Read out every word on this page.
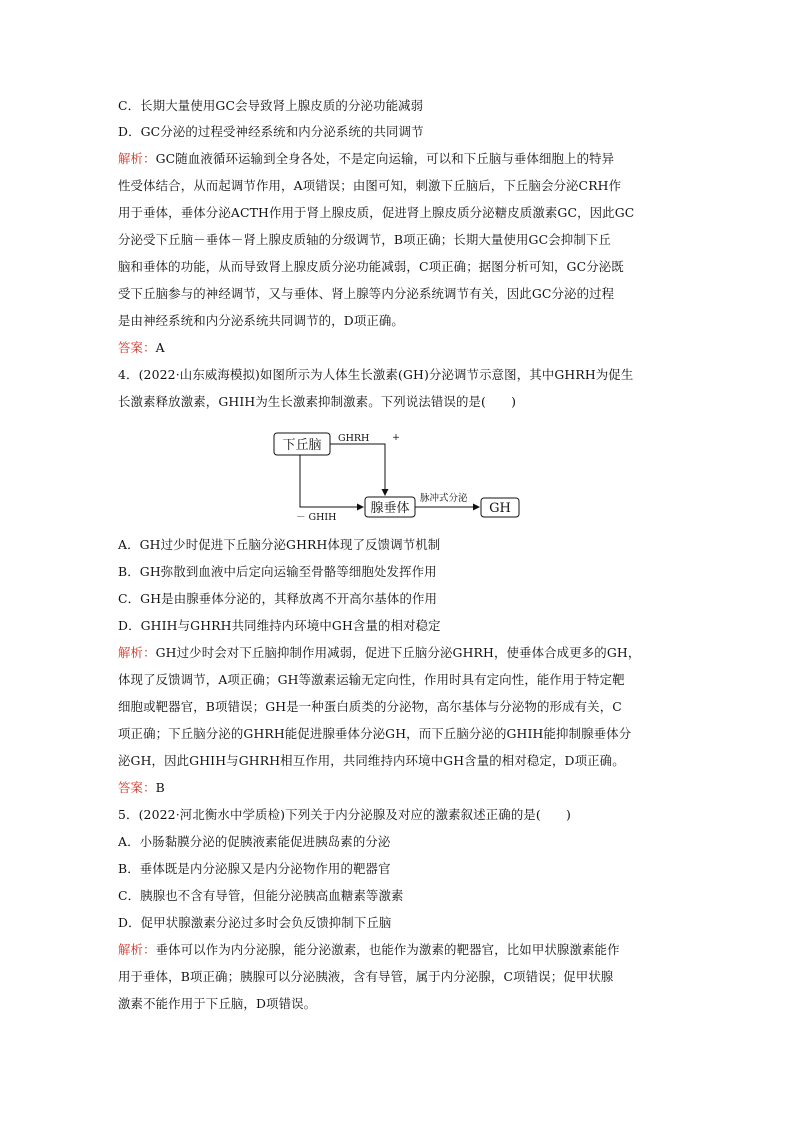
C．长期大量使用GC会导致肾上腺皮质的分泌功能减弱
D．GC分泌的过程受神经系统和内分泌系统的共同调节
解析：GC随血液循环运输到全身各处，不是定向运输，可以和下丘脑与垂体细胞上的特异
性受体结合，从而起调节作用，A项错误；由图可知，刺激下丘脑后，下丘脑会分泌CRH作
用于垂体，垂体分泌ACTH作用于肾上腺皮质，促进肾上腺皮质分泌糖皮质激素GC，因此GC
分泌受下丘脑－垂体－肾上腺皮质轴的分级调节，B项正确；长期大量使用GC会抑制下丘
脑和垂体的功能，从而导致肾上腺皮质分泌功能减弱，C项正确；据图分析可知，GC分泌既
受下丘脑参与的神经调节，又与垂体、肾上腺等内分泌系统调节有关，因此GC分泌的过程
是由神经系统和内分泌系统共同调节的，D项正确。
答案：A
4．(2022·山东威海模拟)如图所示为人体生长激素(GH)分泌调节示意图，其中GHRH为促生
长激素释放激素，GHIH为生长激素抑制激素。下列说法错误的是(　　)
下丘脑
腺垂体	GH
GHRH +
－ GHIH
脉冲式分泌
A．GH过少时促进下丘脑分泌GHRH体现了反馈调节机制
B．GH弥散到血液中后定向运输至骨骼等细胞处发挥作用
C．GH是由腺垂体分泌的，其释放离不开高尔基体的作用
D．GHIH与GHRH共同维持内环境中GH含量的相对稳定
解析：GH过少时会对下丘脑抑制作用减弱，促进下丘脑分泌GHRH，使垂体合成更多的GH，
体现了反馈调节，A项正确；GH等激素运输无定向性，作用时具有定向性，能作用于特定靶
细胞或靶器官，B项错误；GH是一种蛋白质类的分泌物，高尔基体与分泌物的形成有关，C
项正确；下丘脑分泌的GHRH能促进腺垂体分泌GH，而下丘脑分泌的GHIH能抑制腺垂体分
泌GH，因此GHIH与GHRH相互作用，共同维持内环境中GH含量的相对稳定，D项正确。
答案：B
5．(2022·河北衡水中学质检)下列关于内分泌腺及对应的激素叙述正确的是(　　)
A．小肠黏膜分泌的促胰液素能促进胰岛素的分泌
B．垂体既是内分泌腺又是内分泌物作用的靶器官
C．胰腺也不含有导管，但能分泌胰高血糖素等激素
D．促甲状腺激素分泌过多时会负反馈抑制下丘脑
解析：垂体可以作为内分泌腺，能分泌激素，也能作为激素的靶器官，比如甲状腺激素能作
用于垂体，B项正确；胰腺可以分泌胰液，含有导管，属于内分泌腺，C项错误；促甲状腺
激素不能作用于下丘脑，D项错误。
